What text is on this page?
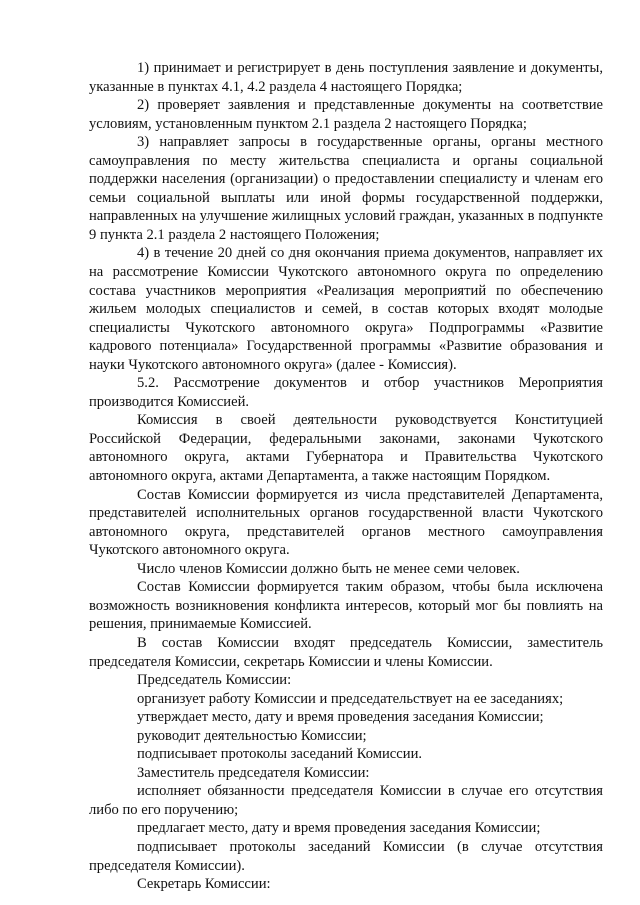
1) принимает и регистрирует в день поступления заявление и документы, указанные в пунктах 4.1, 4.2 раздела 4 настоящего Порядка;

2) проверяет заявления и представленные документы на соответствие условиям, установленным пунктом 2.1 раздела 2 настоящего Порядка;

3) направляет запросы в государственные органы, органы местного самоуправления по месту жительства специалиста и органы социальной поддержки населения (организации) о предоставлении специалисту и членам его семьи социальной выплаты или иной формы государственной поддержки, направленных на улучшение жилищных условий граждан, указанных в подпункте 9 пункта 2.1 раздела 2 настоящего Положения;

4) в течение 20 дней со дня окончания приема документов, направляет их на рассмотрение Комиссии Чукотского автономного округа по определению состава участников мероприятия «Реализация мероприятий по обеспечению жильем молодых специалистов и семей, в состав которых входят молодые специалисты Чукотского автономного округа» Подпрограммы «Развитие кадрового потенциала» Государственной программы «Развитие образования и науки Чукотского автономного округа» (далее - Комиссия).

5.2. Рассмотрение документов и отбор участников Мероприятия производится Комиссией.

Комиссия в своей деятельности руководствуется Конституцией Российской Федерации, федеральными законами, законами Чукотского автономного округа, актами Губернатора и Правительства Чукотского автономного округа, актами Департамента, а также настоящим Порядком.

Состав Комиссии формируется из числа представителей Департамента, представителей исполнительных органов государственной власти Чукотского автономного округа, представителей органов местного самоуправления Чукотского автономного округа.

Число членов Комиссии должно быть не менее семи человек.

Состав Комиссии формируется таким образом, чтобы была исключена возможность возникновения конфликта интересов, который мог бы повлиять на решения, принимаемые Комиссией.

В состав Комиссии входят председатель Комиссии, заместитель председателя Комиссии, секретарь Комиссии и члены Комиссии.

Председатель Комиссии:

организует работу Комиссии и председательствует на ее заседаниях;

утверждает место, дату и время проведения заседания Комиссии;

руководит деятельностью Комиссии;

подписывает протоколы заседаний Комиссии.

Заместитель председателя Комиссии:

исполняет обязанности председателя Комиссии в случае его отсутствия либо по его поручению;

предлагает место, дату и время проведения заседания Комиссии;

подписывает протоколы заседаний Комиссии (в случае отсутствия председателя Комиссии).

Секретарь Комиссии:
